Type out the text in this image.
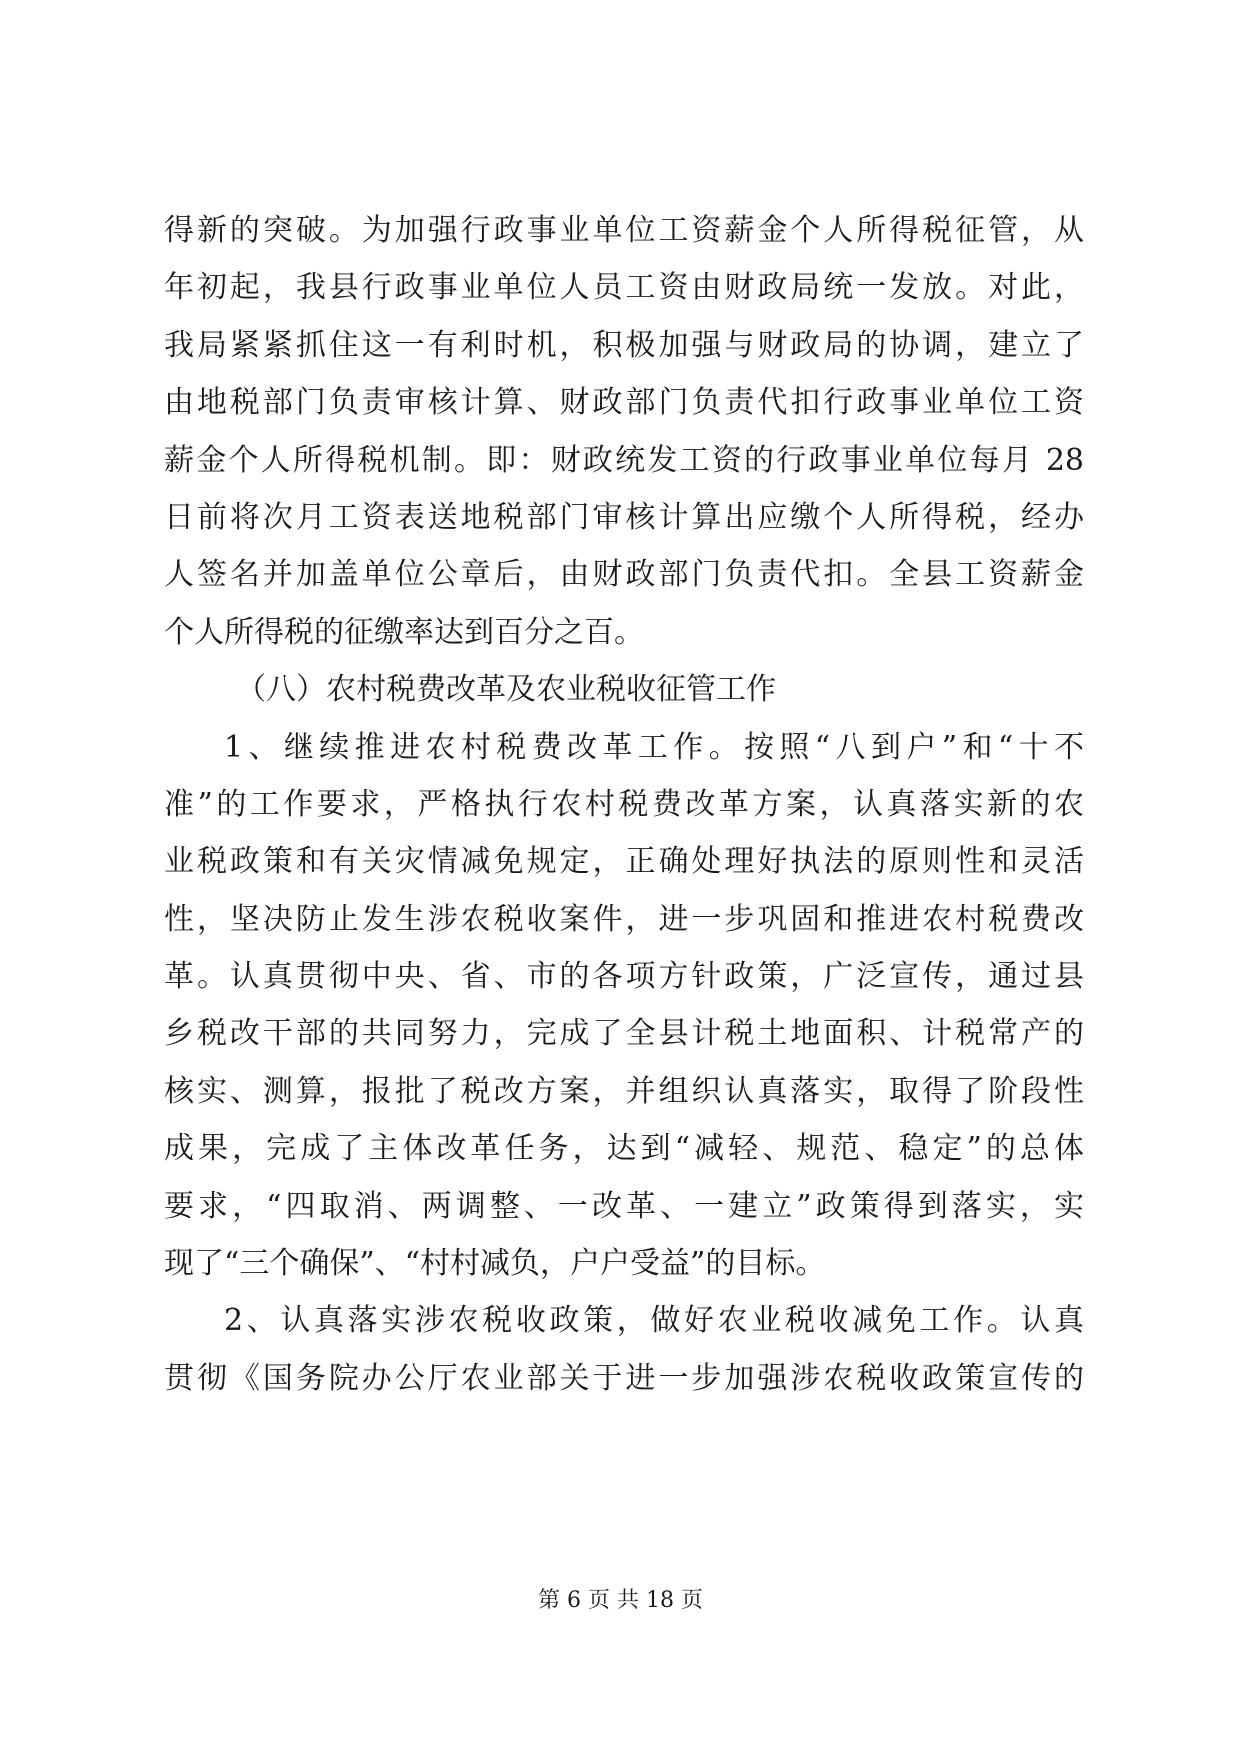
得新的突破。为加强行政事业单位工资薪金个人所得税征管，从
年初起，我县行政事业单位人员工资由财政局统一发放。对此，
我局紧紧抓住这一有利时机，积极加强与财政局的协调，建立了
由地税部门负责审核计算、财政部门负责代扣行政事业单位工资
薪金个人所得税机制。即：财政统发工资的行政事业单位每月 28
日前将次月工资表送地税部门审核计算出应缴个人所得税，经办
人签名并加盖单位公章后，由财政部门负责代扣。全县工资薪金
个人所得税的征缴率达到百分之百。
（八）农村税费改革及农业税收征管工作
1、继续推进农村税费改革工作。按照“八到户”和“十不
准”的工作要求，严格执行农村税费改革方案，认真落实新的农
业税政策和有关灾情减免规定，正确处理好执法的原则性和灵活
性，坚决防止发生涉农税收案件，进一步巩固和推进农村税费改
革。认真贯彻中央、省、市的各项方针政策，广泛宣传，通过县
乡税改干部的共同努力，完成了全县计税土地面积、计税常产的
核实、测算，报批了税改方案，并组织认真落实，取得了阶段性
成果，完成了主体改革任务，达到“减轻、规范、稳定”的总体
要求，“四取消、两调整、一改革、一建立”政策得到落实，实
现了“三个确保”、“村村减负，户户受益”的目标。
2、认真落实涉农税收政策，做好农业税收减免工作。认真
贯彻《国务院办公厅农业部关于进一步加强涉农税收政策宣传的
第 6 页 共 18 页
